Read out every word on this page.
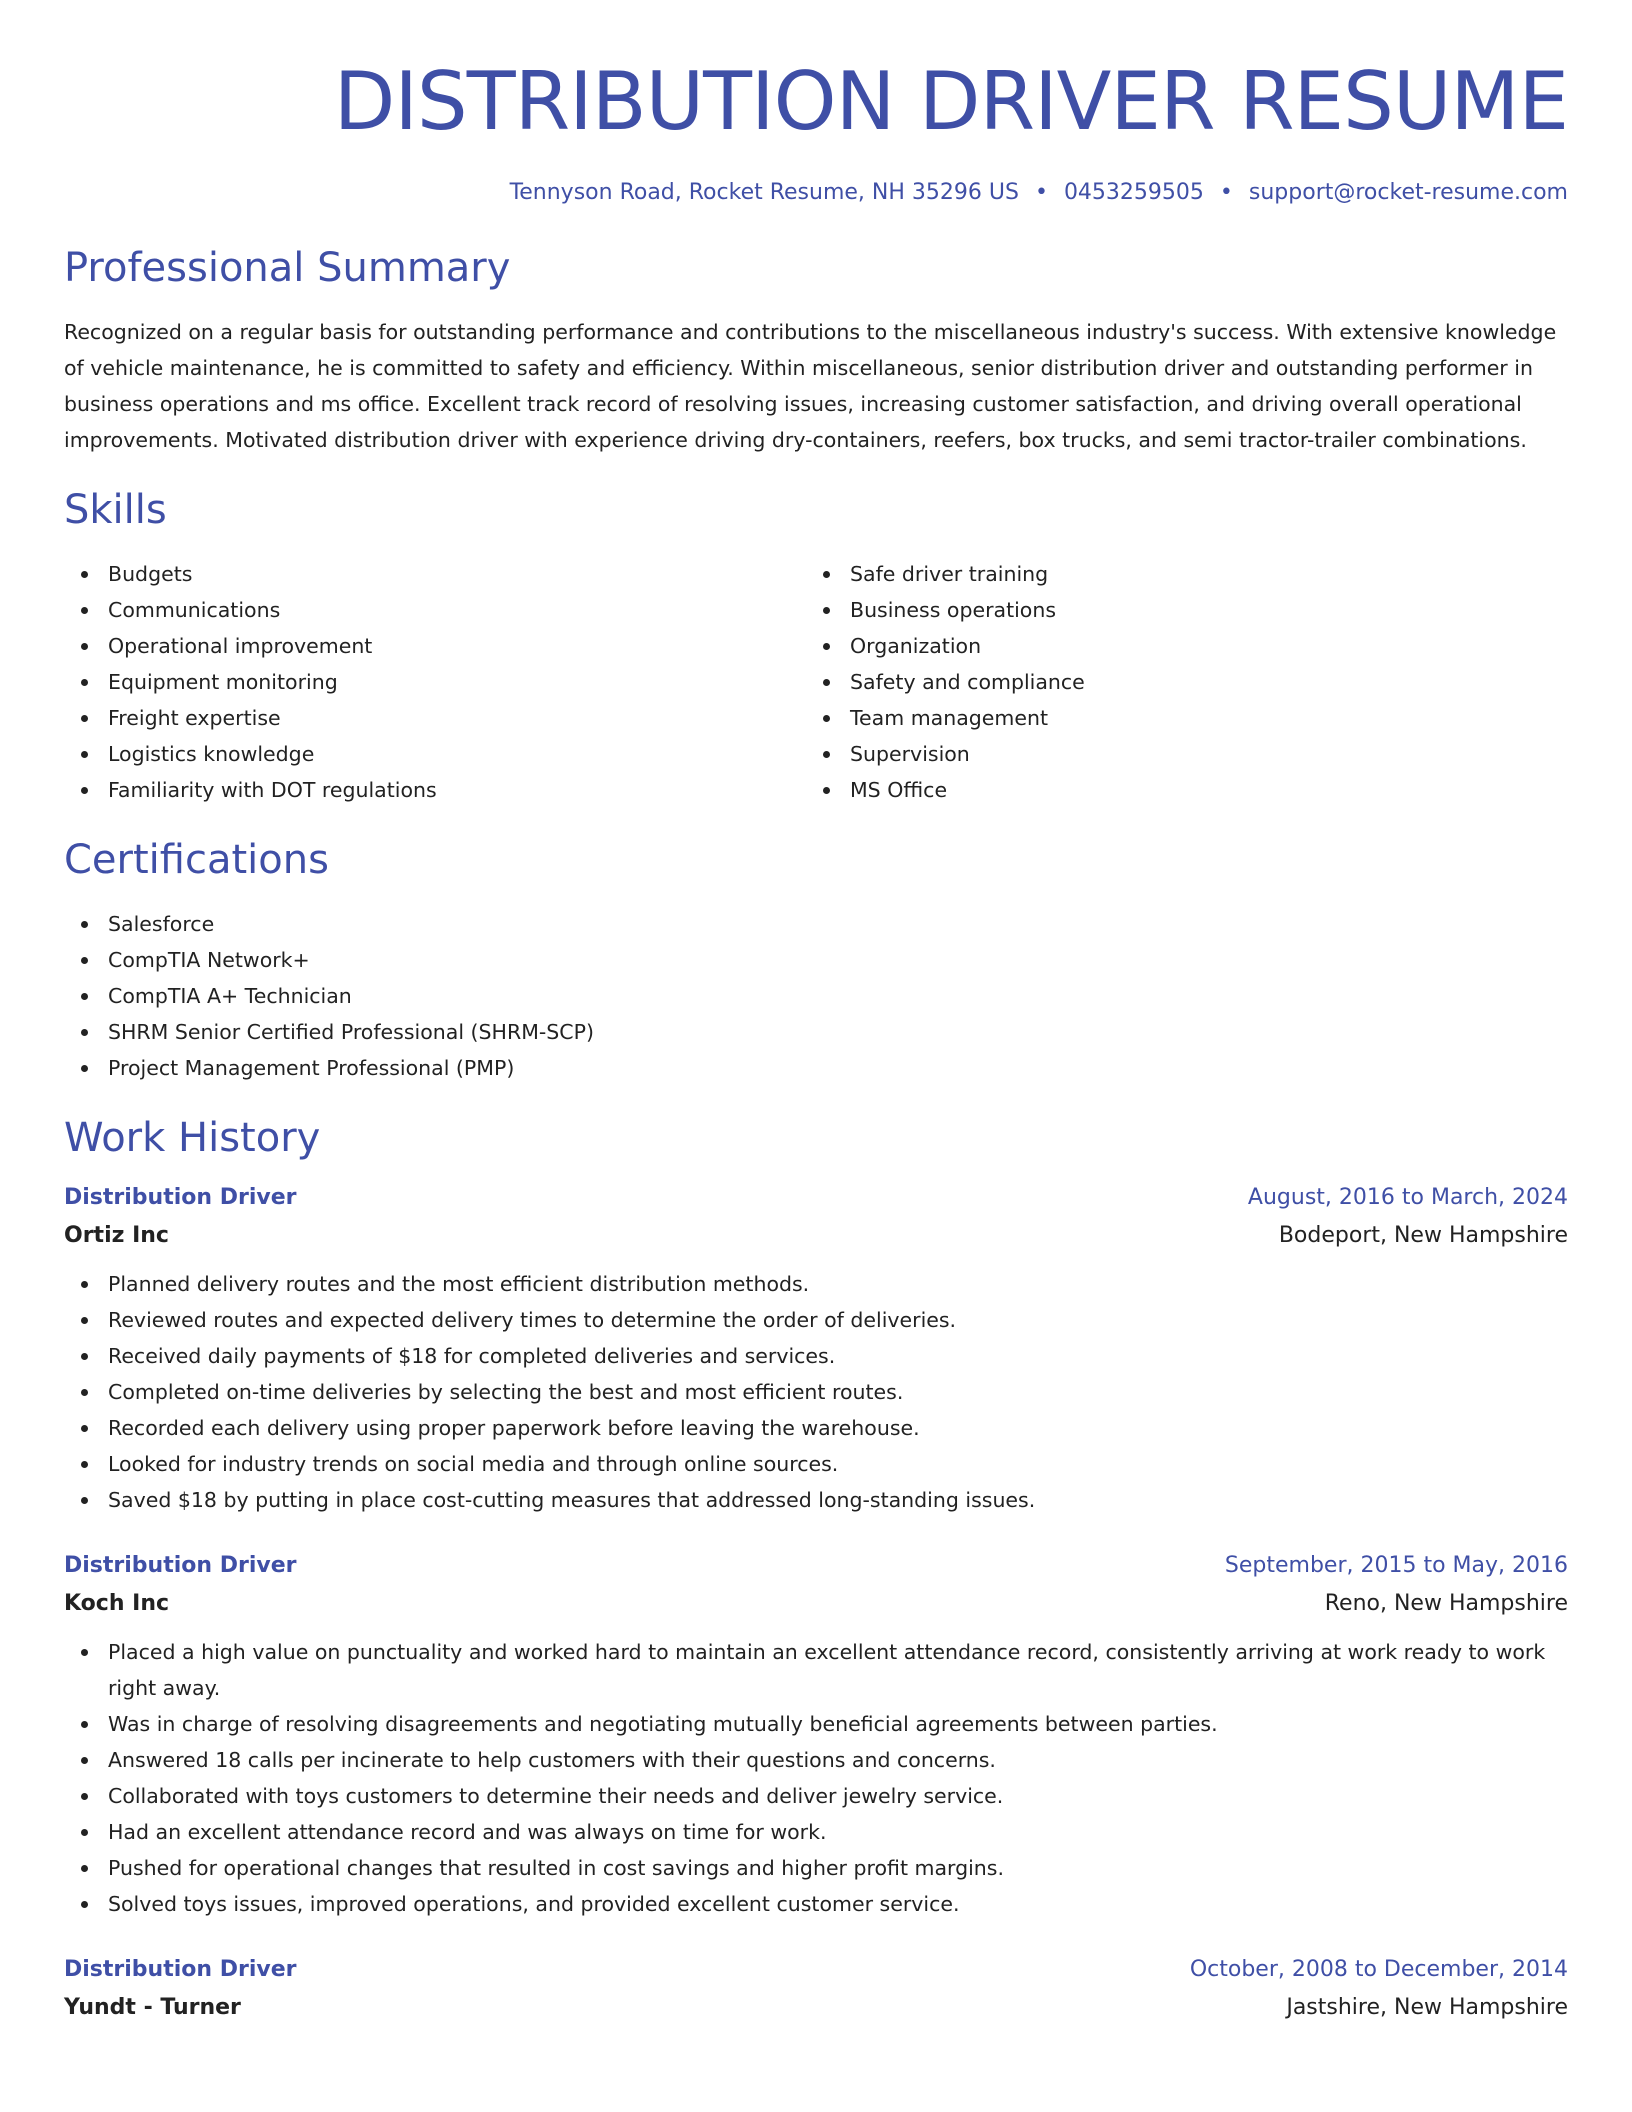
DISTRIBUTION DRIVER RESUME
Tennyson Road, Rocket Resume, NH 35296 US • 0453259505 • support@rocket-resume.com
Professional Summary

Recognized on a regular basis for outstanding performance and contributions to the miscellaneous industry's success. With extensive knowledge of vehicle maintenance, he is committed to safety and efficiency. Within miscellaneous, senior distribution driver and outstanding performer in business operations and ms office. Excellent track record of resolving issues, increasing customer satisfaction, and driving overall operational improvements. Motivated distribution driver with experience driving dry-containers, reefers, box trucks, and semi tractor-trailer combinations.

Skills
Budgets
Communications
Operational improvement
Equipment monitoring
Freight expertise
Logistics knowledge
Familiarity with DOT regulations
Safe driver training
Business operations
Organization
Safety and compliance
Team management
Supervision
MS Office
Certifications
Salesforce
CompTIA Network+
CompTIA A+ Technician
SHRM Senior Certified Professional (SHRM-SCP)
Project Management Professional (PMP)
Work History
Distribution Driver	August, 2016 to March, 2024
Ortiz Inc	Bodeport, New Hampshire
Planned delivery routes and the most efficient distribution methods.
Reviewed routes and expected delivery times to determine the order of deliveries.
Received daily payments of $18 for completed deliveries and services.
Completed on-time deliveries by selecting the best and most efficient routes.
Recorded each delivery using proper paperwork before leaving the warehouse.
Looked for industry trends on social media and through online sources.
Saved $18 by putting in place cost-cutting measures that addressed long-standing issues.
Distribution Driver	September, 2015 to May, 2016
Koch Inc	Reno, New Hampshire
Placed a high value on punctuality and worked hard to maintain an excellent attendance record, consistently arriving at work ready to work right away.
Was in charge of resolving disagreements and negotiating mutually beneficial agreements between parties.
Answered 18 calls per incinerate to help customers with their questions and concerns.
Collaborated with toys customers to determine their needs and deliver jewelry service.
Had an excellent attendance record and was always on time for work.
Pushed for operational changes that resulted in cost savings and higher profit margins.
Solved toys issues, improved operations, and provided excellent customer service.
Distribution Driver	October, 2008 to December, 2014
Yundt - Turner	Jastshire, New Hampshire
